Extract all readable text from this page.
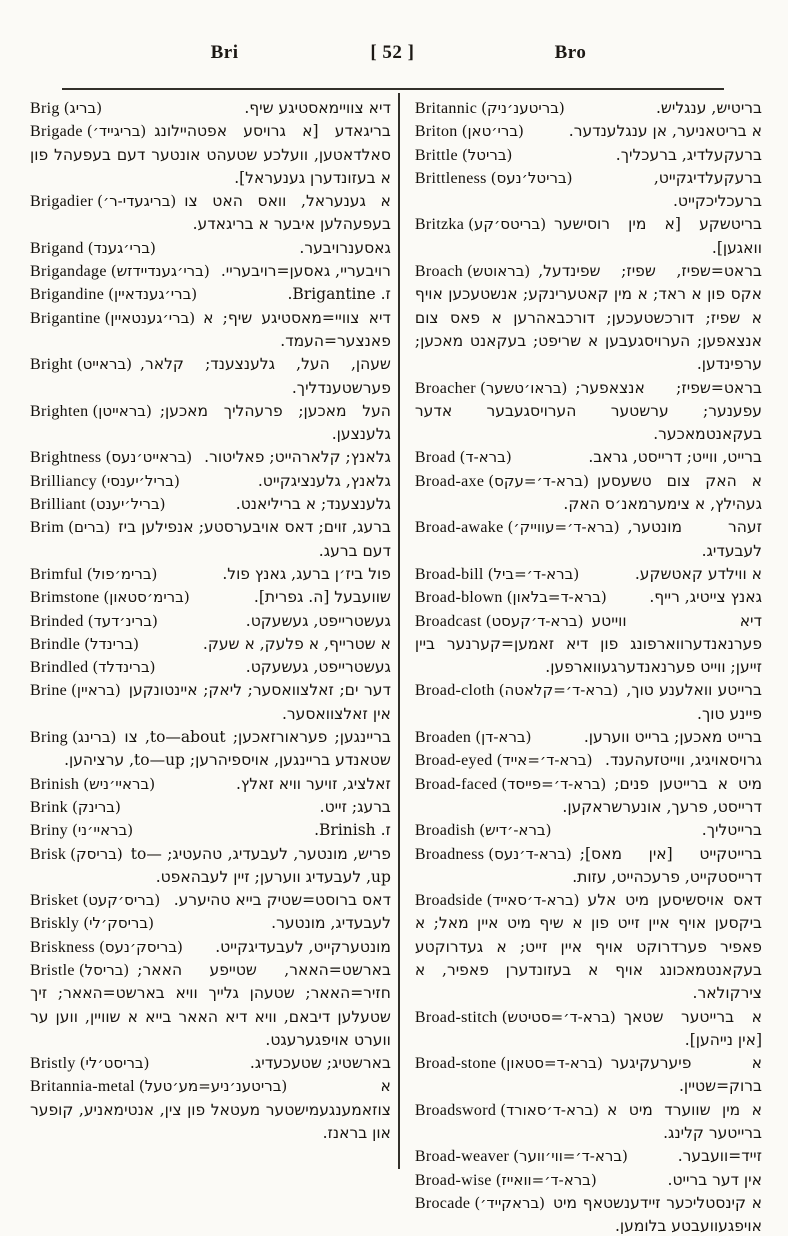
Bri	[ 52 ]	Bro
Brig (בריג)	דיא צוויימאסטיגע שיף.
Brigade (בריגייד׳) בריגאדע [א גרויסע אפטהיילונג סאלדאטען, וועלכע שטעהט אונטער דעם בעפעהל פון א בעזונדערן גענעראל].
Brigadier (בריגעדי-ר׳) א גענעראל, וואס האט צו בעפעהלען איבער א בריגאדע.
Brigand (ברי׳גענד)	גאסענרויבער.
Brigandage (ברי׳גענדיידזש) רויבעריי, גאסען=רויבעריי.
Brigandine (ברי׳גענדאיין)	ז. Brigantine.
Brigantine (ברי׳גענטאיין) דיא צוויי=מאסטיגע שיף; א פאנצער=העמד.
Bright (בראייט) שעהן, העל, גלענצענד; קלאר, פערשטענדליך.
Brighten (בראייטן) העל מאכען; פרעהליך מאכען; גלענצען.
Brightness (בראייט׳נעס) גלאנץ; קלארהייט; פאליטור.
Brilliancy (בריל׳יענסי)	גלאנץ, גלענציגקייט.
Brilliant (בריל׳יענט)	גלענצענד; א בריליאנט.
Brim (ברים) ברעג, זוים; דאס אויבערסטע; אנפילען ביז דעם ברעג.
Brimful (ברימ׳פול)	פול ביז׳ן ברעג, גאנץ פול.
Brimstone (ברימ׳סטאון)	שוועבעל [ה. גפרית].
Brinded (ברינ׳דעד)	געשטרייפט, געשעקט.
Brindle (ברינדל)	א שטרייף, א פלעק, א שעק.
Brindled (ברינדלד)	געשטרייפט, געשעקט.
Brine (בראיין) דער ים; זאלצוואסער; ליאק; איינטונקען אין זאלצוואסער.
Bring (ברינג) בריינגען; פעראורזאכען; to—about, צו שטאנדע בריינגען, אויספיהרען; to—up, ערציהען.
Brinish (בראיי׳ניש)	זאלציג, זויער וויא זאלץ.
Brink (ברינק)	ברעג; זייט.
Briny (בראיי׳ני)	ז. Brinish.
Brisk (בריסק) פריש, מונטער, לעבעדיג, טהעטיג; to—up, לעבעדיג ווערען; זיין לעבהאפט.
Brisket (בריס׳קעט) דאס ברוסט=שטיק בייא טהיערע.
Briskly (בריסק׳לי)	לעבעדיג, מונטער.
Briskness (בריסק׳נעס) מונטערקייט, לעבעדיגקייט.
Bristle (בריסל) בארשט=האאר, שטייפע האאר; חזיר=האאר; שטעהן גלייך וויא בארשט=האאר; זיך שטעלען דיבאם, וויא דיא האאר בייא א שוויין, ווען ער ווערט אויפגערעגט.
Bristly (בריסט׳לי)	בארשטיג; שטעכעדיג.
Britannia-metal (בריטענ׳ניע=מע׳טעל)	א צוזאמענגעמישטער מעטאל פון צין, אנטימאניע, קופער און בראנז.
Britannic (בריטענ׳ניק)	בריטיש, ענגליש.
Briton (ברי׳טאן)	א בריטאניער, אן ענגלענדער.
Brittle (בריטל)	ברעקעלדיג, ברעכליך.
Brittleness (בריטל׳נעס)	ברעקעלדיגקייט, ברעכליכקייט.
Britzka (בריטס׳קע) בריטשקע [א מין רוסישער וואגען].
Broach (בראוטש) בראט=שפיז, שפיז; שפינדעל, אקס פון א ראד; א מין קאטערינקע; אנשטעכען אויף א שפיז; דורכשטעכען; דורכבאהרען א פאס צום אנצאפען; הערויסגעבען א שריפט; בעקאנט מאכען; ערפינדען.
Broacher (בראו׳טשער) בראט=שפיז; אנצאפער; עפענער; ערשטער הערויסגעבער אדער בעקאנטמאכער.
Broad (ברא-ד)	ברייט, ווייט; דרייסט, גראב.
Broad-axe (ברא-ד׳=עקס) א האק צום טשעסען געהילץ, א צימערמאנ׳ס האק.
Broad-awake (ברא-ד׳=עווייק׳) זעהר מונטער, לעבעדיג.
Broad-bill (ברא-ד׳=ביל)	א ווילדע קאטשקע.
Broad-blown (ברא-ד=בלאון)	גאנץ צייטיג, רייף.
Broadcast (ברא-ד׳קעסט) דיא ווייטע פערנאנדערווארפונג פון דיא זאמען=קערנער ביין זייען; ווייט פערנאנדערגעווארפען.
Broad-cloth (ברא-ד׳=קלאטה) ברייטע וואלענע טוך, פיינע טוך.
Broaden (ברא-דן)	ברייט מאכען; ברייט ווערען.
Broad-eyed (ברא-ד׳=אייד) גרויסאויגיג, ווייטזעהענד.
Broad-faced (ברא-ד׳=פייסד) מיט א ברייטען פנים; דרייסט, פרעך, אונערשראקען.
Broadish (ברא-׳דיש)	ברייטליך.
Broadness (ברא-ד׳נעס) ברייטקייט [אין מאס]; דרייסטקייט, פרעכהייט, עזות.
Broadside (ברא-ד׳סאייד) דאס אויסשיסען מיט אלע ביקסען אויף איין זייט פון א שיף מיט איין מאל; א פאפיר פערדרוקט אויף איין זייט; א געדרוקטע בעקאנטמאכונג אויף א בעזונדערן פאפיר, א צירקולאר.
Broad-stitch (ברא-ד׳=סטיטש) א ברייטער שטאך [אין נייהען].
Broad-stone (ברא-ד=סטאון) א פיערעקיגער ברוק=שטיין.
Broadsword (ברא-ד׳סאורד) א מין שווערד מיט א ברייטער קלינג.
Broad-weaver (ברא-ד׳=ווי׳ווער)	זייד=וועבער.
Broad-wise (ברא-ד׳=וואייז)	אין דער ברייט.
Brocade (בראקייד׳) א קינסטליכער זיידענשטאף מיט אויפגעוועבטע בלומען.
